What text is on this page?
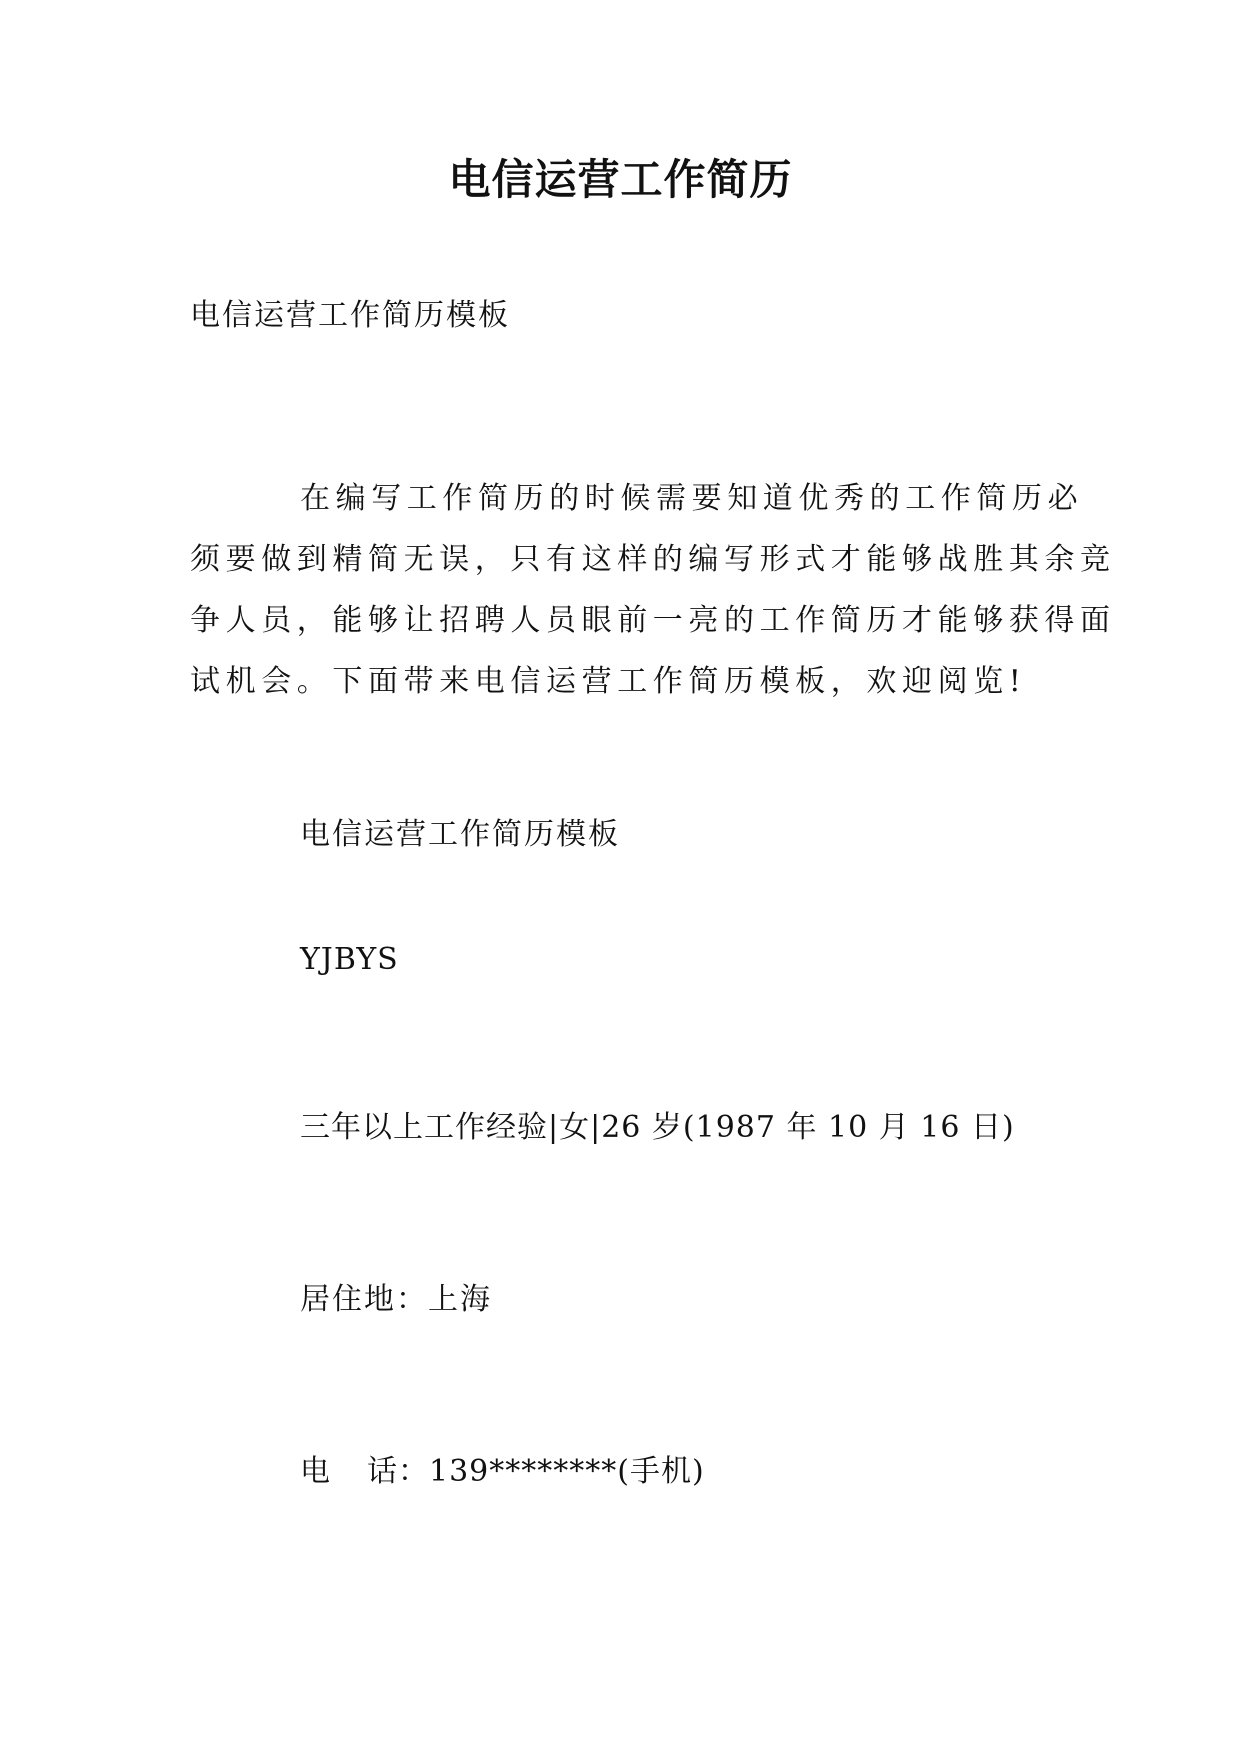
电信运营工作简历
电信运营工作简历模板
在编写工作简历的时候需要知道优秀的工作简历必
须要做到精简无误，只有这样的编写形式才能够战胜其余竞
争人员，能够让招聘人员眼前一亮的工作简历才能够获得面
试机会。下面带来电信运营工作简历模板，欢迎阅览!
电信运营工作简历模板
YJBYS
三年以上工作经验|女|26 岁(1987 年 10 月 16 日)
居住地：上海
电 话：139********(手机)
